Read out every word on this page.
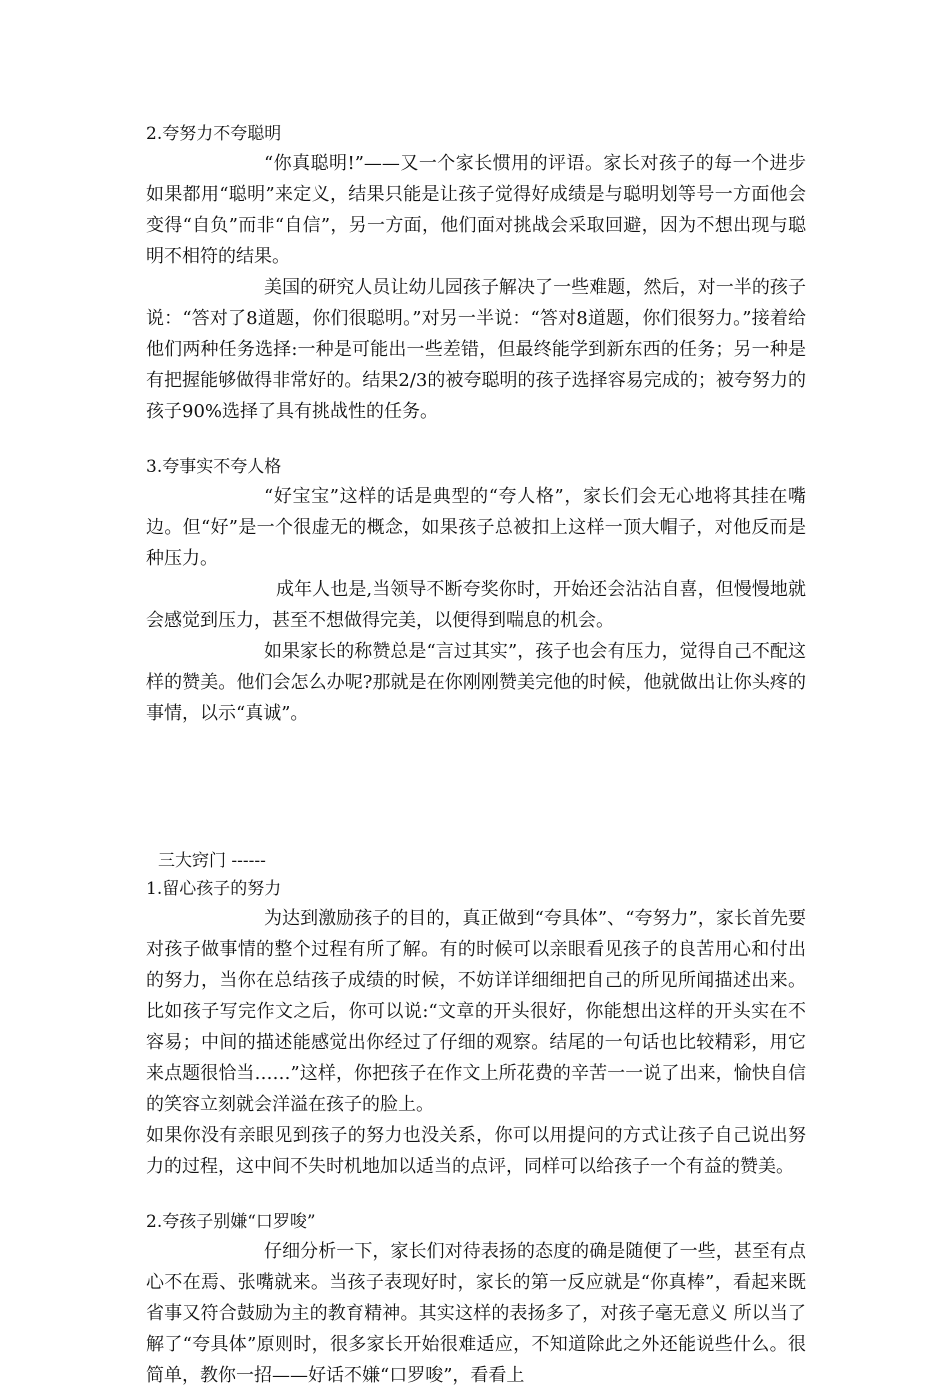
2.夸努力不夸聪明

“你真聪明!”——又一个家长惯用的评语。家长对孩子的每一个进步如果都用“聪明”来定义，结果只能是让孩子觉得好成绩是与聪明划等号一方面他会变得“自负”而非“自信”，另一方面，他们面对挑战会采取回避，因为不想出现与聪明不相符的结果。

美国的研究人员让幼儿园孩子解决了一些难题，然后，对一半的孩子说：“答对了8道题，你们很聪明。”对另一半说：“答对8道题，你们很努力。”接着给他们两种任务选择:一种是可能出一些差错，但最终能学到新东西的任务；另一种是有把握能够做得非常好的。结果2/3的被夸聪明的孩子选择容易完成的；被夸努力的孩子90%选择了具有挑战性的任务。

3.夸事实不夸人格

“好宝宝”这样的话是典型的“夸人格”，家长们会无心地将其挂在嘴边。但“好”是一个很虚无的概念，如果孩子总被扣上这样一顶大帽子，对他反而是种压力。

成年人也是,当领导不断夸奖你时，开始还会沾沾自喜，但慢慢地就会感觉到压力，甚至不想做得完美，以便得到喘息的机会。

如果家长的称赞总是“言过其实”，孩子也会有压力，觉得自己不配这样的赞美。他们会怎么办呢?那就是在你刚刚赞美完他的时候，他就做出让你头疼的事情，以示“真诚”。

三大窍门 ------

1.留心孩子的努力

为达到激励孩子的目的，真正做到“夸具体”、“夸努力”，家长首先要对孩子做事情的整个过程有所了解。有的时候可以亲眼看见孩子的良苦用心和付出的努力，当你在总结孩子成绩的时候，不妨详详细细把自己的所见所闻描述出来。比如孩子写完作文之后，你可以说:“文章的开头很好，你能想出这样的开头实在不容易；中间的描述能感觉出你经过了仔细的观察。结尾的一句话也比较精彩，用它来点题很恰当……”这样，你把孩子在作文上所花费的辛苦一一说了出来，愉快自信的笑容立刻就会洋溢在孩子的脸上。

如果你没有亲眼见到孩子的努力也没关系，你可以用提问的方式让孩子自己说出努力的过程，这中间不失时机地加以适当的点评，同样可以给孩子一个有益的赞美。

2.夸孩子别嫌“口罗唆”

仔细分析一下，家长们对待表扬的态度的确是随便了一些，甚至有点心不在焉、张嘴就来。当孩子表现好时，家长的第一反应就是“你真棒”，看起来既省事又符合鼓励为主的教育精神。其实这样的表扬多了，对孩子毫无意义 所以当了解了“夸具体”原则时，很多家长开始很难适应，不知道除此之外还能说些什么。很简单，教你一招——好话不嫌“口罗唆”，看看上
